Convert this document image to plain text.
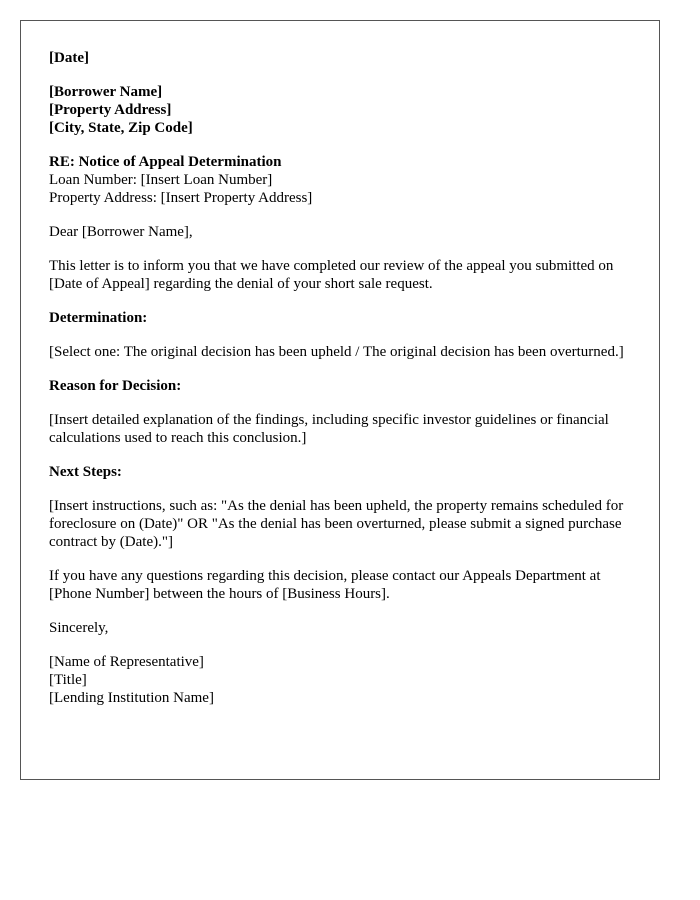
[Date]
[Borrower Name]
[Property Address]
[City, State, Zip Code]
RE: Notice of Appeal Determination
Loan Number: [Insert Loan Number]
Property Address: [Insert Property Address]

Dear [Borrower Name],

This letter is to inform you that we have completed our review of the appeal you submitted on [Date of Appeal] regarding the denial of your short sale request.

Determination:

[Select one: The original decision has been upheld / The original decision has been overturned.]

Reason for Decision:

[Insert detailed explanation of the findings, including specific investor guidelines or financial calculations used to reach this conclusion.]

Next Steps:

[Insert instructions, such as: "As the denial has been upheld, the property remains scheduled for foreclosure on (Date)" OR "As the denial has been overturned, please submit a signed purchase contract by (Date)."]

If you have any questions regarding this decision, please contact our Appeals Department at [Phone Number] between the hours of [Business Hours].

Sincerely,

[Name of Representative]
[Title]
[Lending Institution Name]
